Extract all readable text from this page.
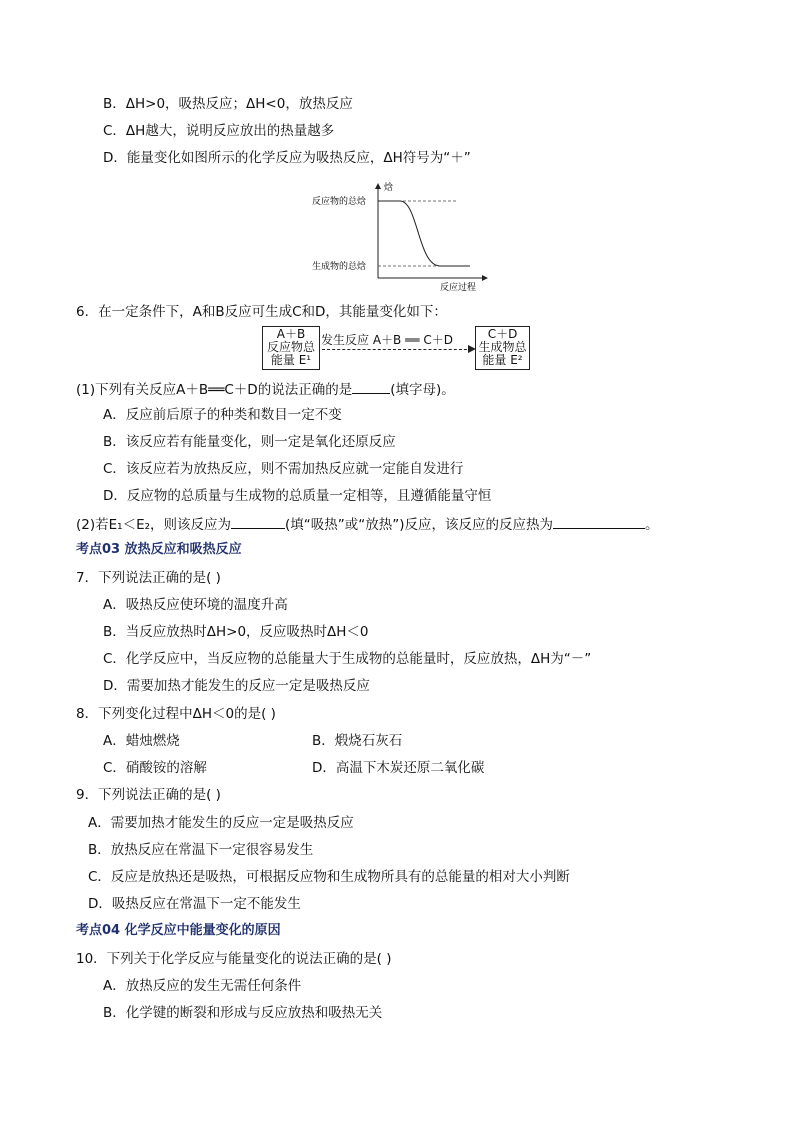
B．ΔH>0，吸热反应；ΔH<0，放热反应
C．ΔH越大，说明反应放出的热量越多
D．能量变化如图所示的化学反应为吸热反应，ΔH符号为“＋”
焓
反应物的总焓
生成物的总焓
反应过程
6．在一定条件下，A和B反应可生成C和D，其能量变化如下：
A＋B
反应物总
能量 E¹
发生反应 A＋B ══ C＋D	C＋D
生成物总
能量 E²
(1)下列有关反应A＋B══C＋D的说法正确的是	(填字母)。
A．反应前后原子的种类和数目一定不变
B．该反应若有能量变化，则一定是氧化还原反应
C．该反应若为放热反应，则不需加热反应就一定能自发进行
D．反应物的总质量与生成物的总质量一定相等，且遵循能量守恒
(2)若E₁＜E₂，则该反应为	(填“吸热”或“放热”)反应，该反应的反应热为	。
考点03 放热反应和吸热反应
7．下列说法正确的是( )
A．吸热反应使环境的温度升高
B．当反应放热时ΔH>0，反应吸热时ΔH＜0
C．化学反应中，当反应物的总能量大于生成物的总能量时，反应放热，ΔH为“－”
D．需要加热才能发生的反应一定是吸热反应
8．下列变化过程中ΔH＜0的是( )
A．蜡烛燃烧	B．煅烧石灰石
C．硝酸铵的溶解	D．高温下木炭还原二氧化碳
9．下列说法正确的是( )
A．需要加热才能发生的反应一定是吸热反应
B．放热反应在常温下一定很容易发生
C．反应是放热还是吸热，可根据反应物和生成物所具有的总能量的相对大小判断
D．吸热反应在常温下一定不能发生
考点04 化学反应中能量变化的原因
10．下列关于化学反应与能量变化的说法正确的是( )
A．放热反应的发生无需任何条件
B．化学键的断裂和形成与反应放热和吸热无关
